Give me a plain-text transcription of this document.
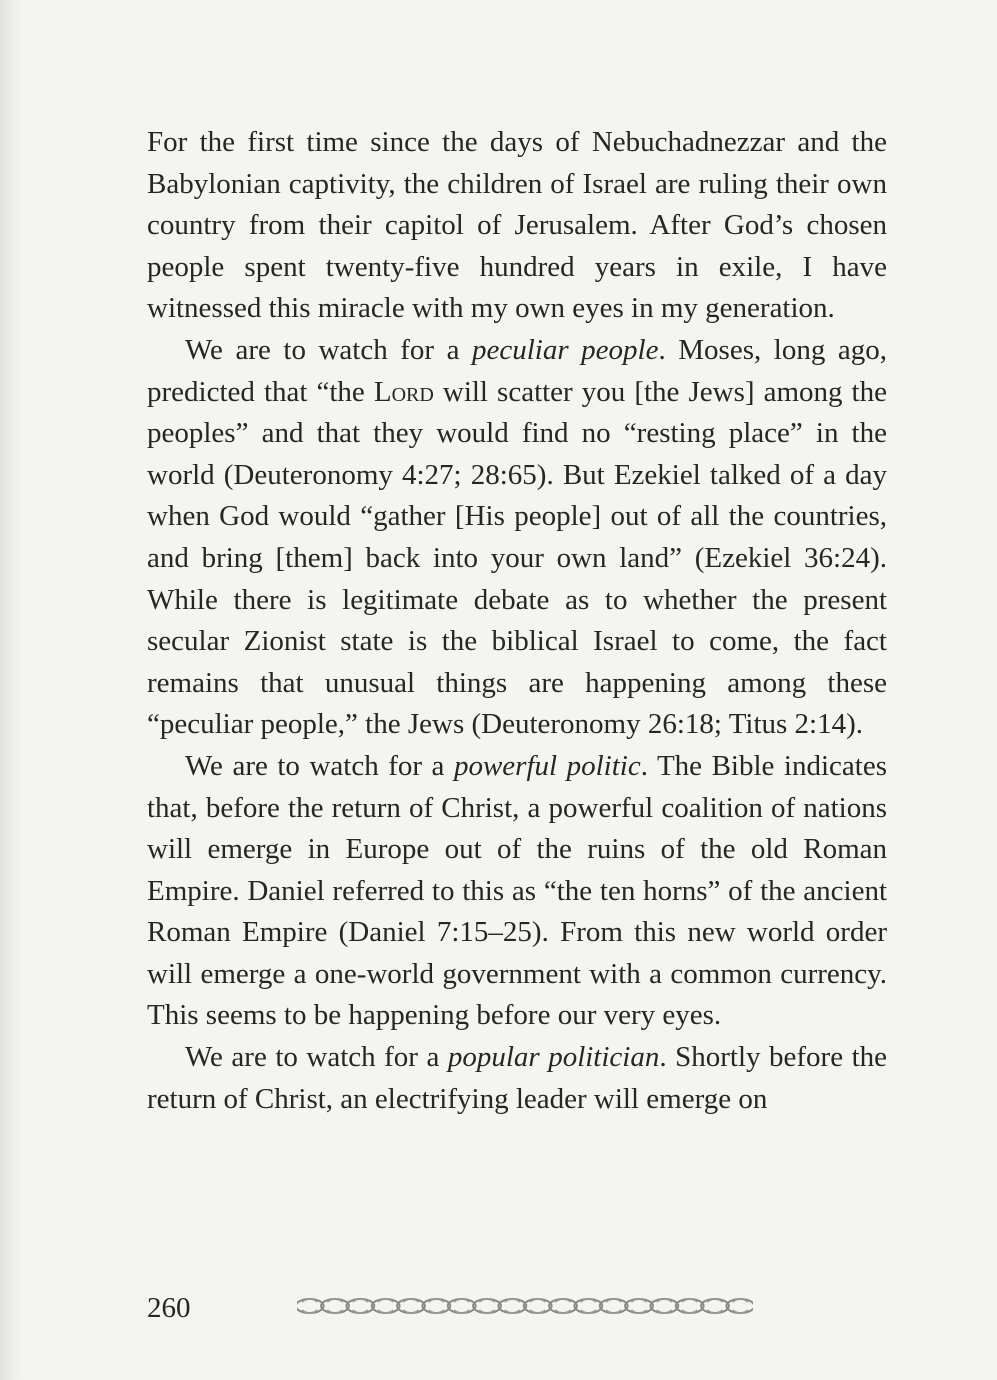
For the first time since the days of Nebuchadnezzar and the Babylonian captivity, the children of Israel are ruling their own country from their capitol of Jerusalem. After God’s chosen people spent twenty-five hundred years in exile, I have witnessed this miracle with my own eyes in my generation.

We are to watch for a peculiar people. Moses, long ago, predicted that “the Lord will scatter you [the Jews] among the peoples” and that they would find no “resting place” in the world (Deuteronomy 4:27; 28:65). But Ezekiel talked of a day when God would “gather [His people] out of all the countries, and bring [them] back into your own land” (Ezekiel 36:24). While there is legitimate debate as to whether the present secular Zionist state is the biblical Israel to come, the fact remains that unusual things are happening among these “peculiar people,” the Jews (Deuteronomy 26:18; Titus 2:14).

We are to watch for a powerful politic. The Bible indicates that, before the return of Christ, a powerful coalition of nations will emerge in Europe out of the ruins of the old Roman Empire. Daniel referred to this as “the ten horns” of the ancient Roman Empire (Daniel 7:15–25). From this new world order will emerge a one-world government with a common currency. This seems to be happening before our very eyes.

We are to watch for a popular politician. Shortly before the return of Christ, an electrifying leader will emerge on

260
